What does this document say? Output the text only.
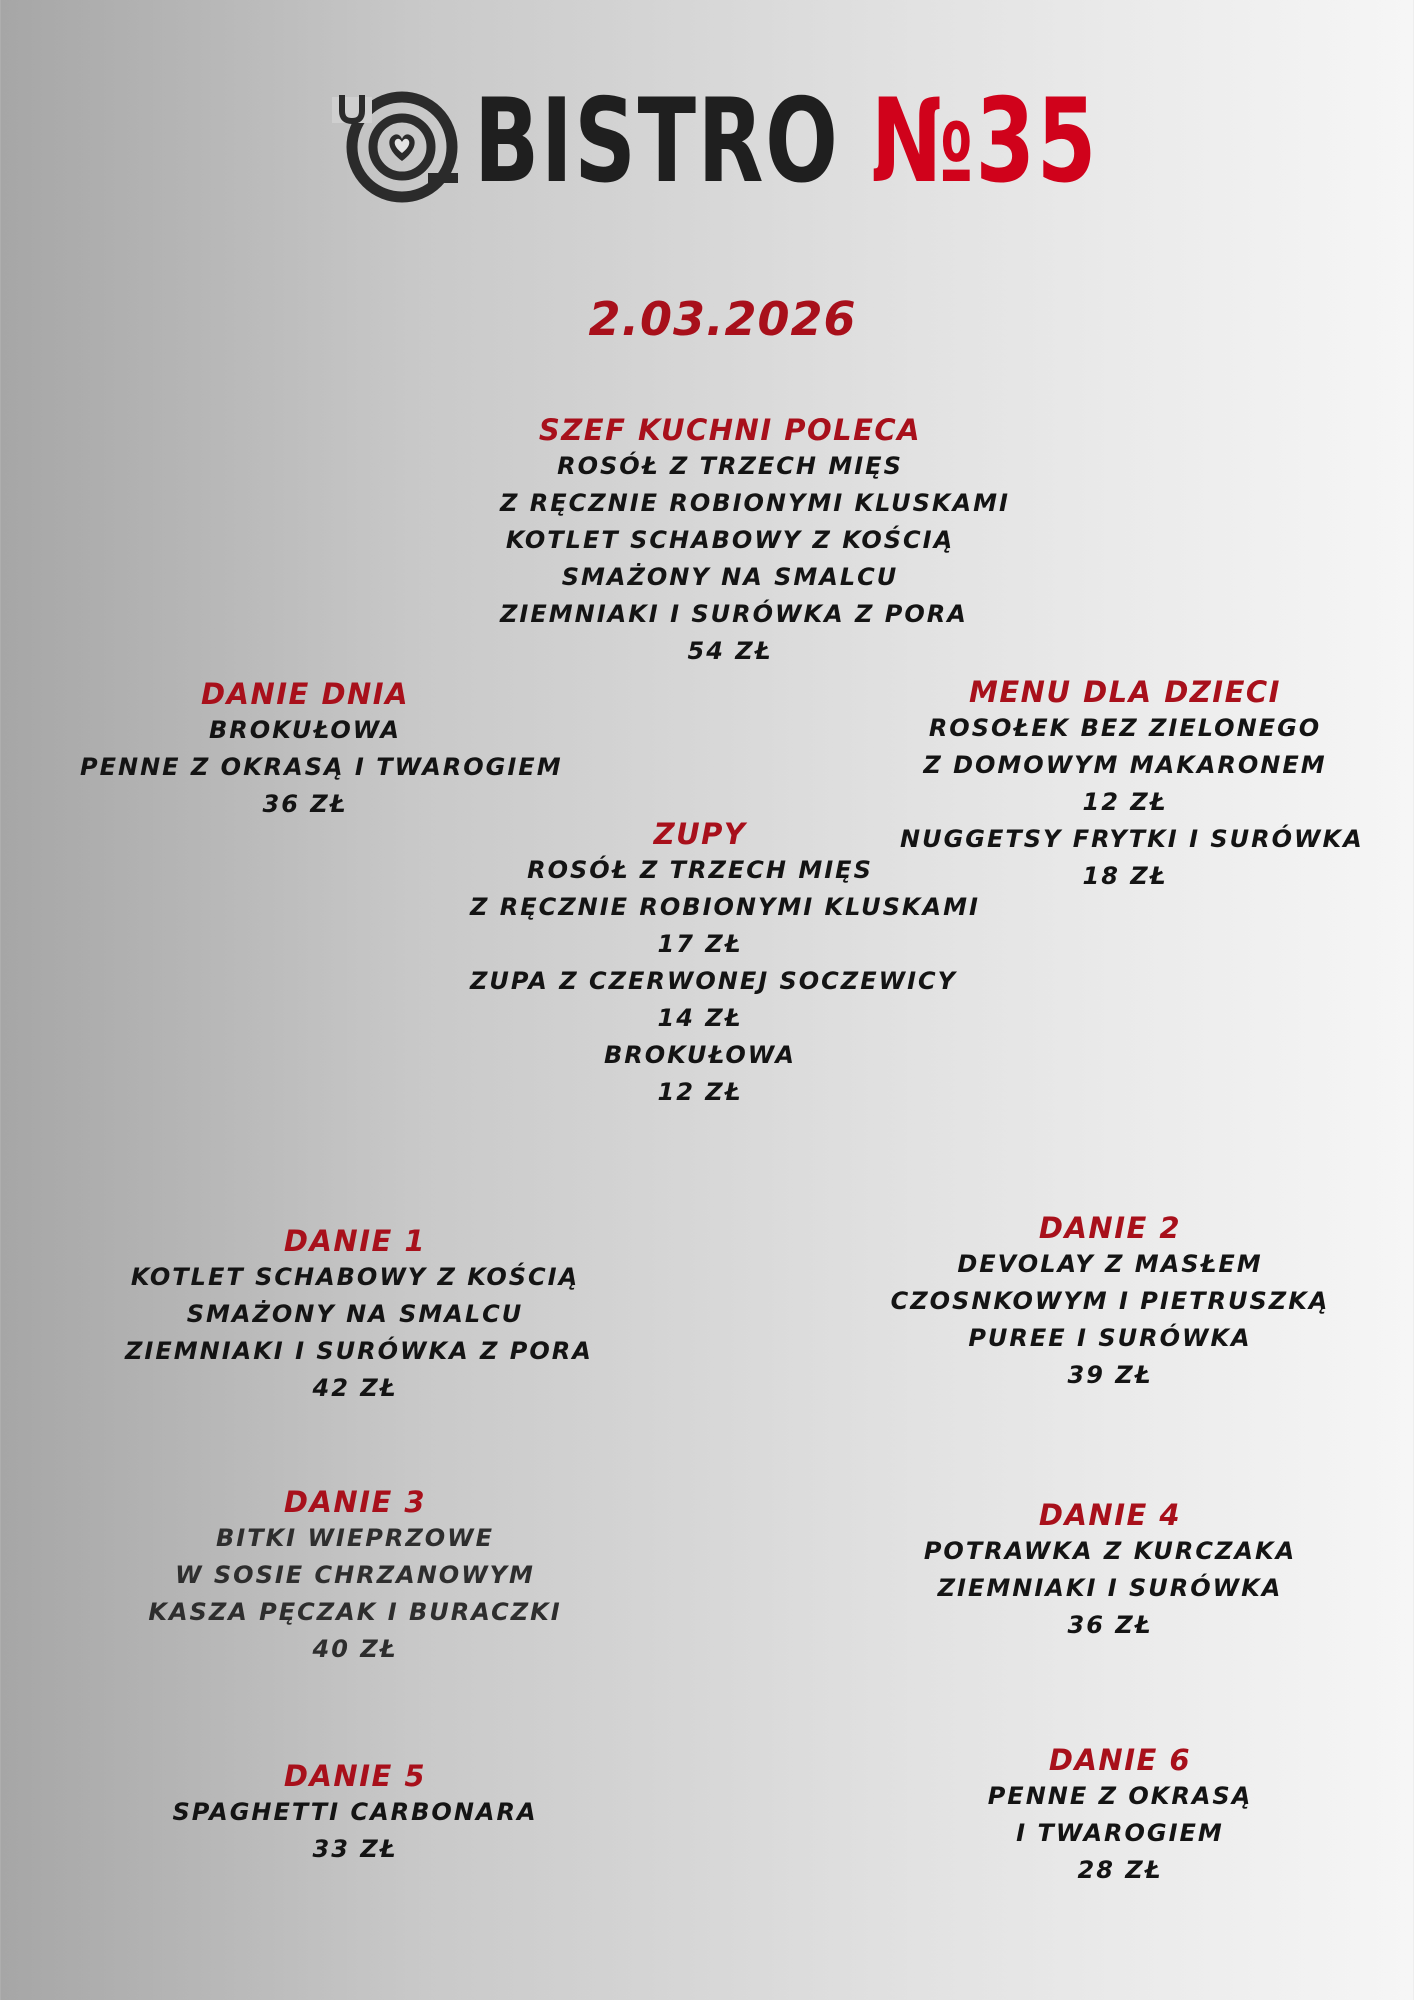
BISTRO №35
2.03.2026
SZEF KUCHNI POLECA
ROSÓŁ Z TRZECH MIĘS
Z RĘCZNIE ROBIONYMI KLUSKAMI
KOTLET SCHABOWY Z KOŚCIĄ
SMAŻONY NA SMALCU
ZIEMNIAKI I SURÓWKA Z PORA
54 ZŁ
DANIE DNIA
BROKUŁOWA
PENNE Z OKRASĄ I TWAROGIEM
36 ZŁ
MENU DLA DZIECI
ROSOŁEK BEZ ZIELONEGO
Z DOMOWYM MAKARONEM
12 ZŁ
NUGGETSY FRYTKI I SURÓWKA
18 ZŁ
ZUPY
ROSÓŁ Z TRZECH MIĘS
Z RĘCZNIE ROBIONYMI KLUSKAMI
17 ZŁ
ZUPA Z CZERWONEJ SOCZEWICY
14 ZŁ
BROKUŁOWA
12 ZŁ
DANIE 1
KOTLET SCHABOWY Z KOŚCIĄ
SMAŻONY NA SMALCU
ZIEMNIAKI I SURÓWKA Z PORA
42 ZŁ
DANIE 2
DEVOLAY Z MASŁEM
CZOSNKOWYM I PIETRUSZKĄ
PUREE I SURÓWKA
39 ZŁ
DANIE 3
BITKI WIEPRZOWE
W SOSIE CHRZANOWYM
KASZA PĘCZAK I BURACZKI
40 ZŁ
DANIE 4
POTRAWKA Z KURCZAKA
ZIEMNIAKI I SURÓWKA
36 ZŁ
DANIE 5
SPAGHETTI CARBONARA
33 ZŁ
DANIE 6
PENNE Z OKRASĄ
I TWAROGIEM
28 ZŁ
